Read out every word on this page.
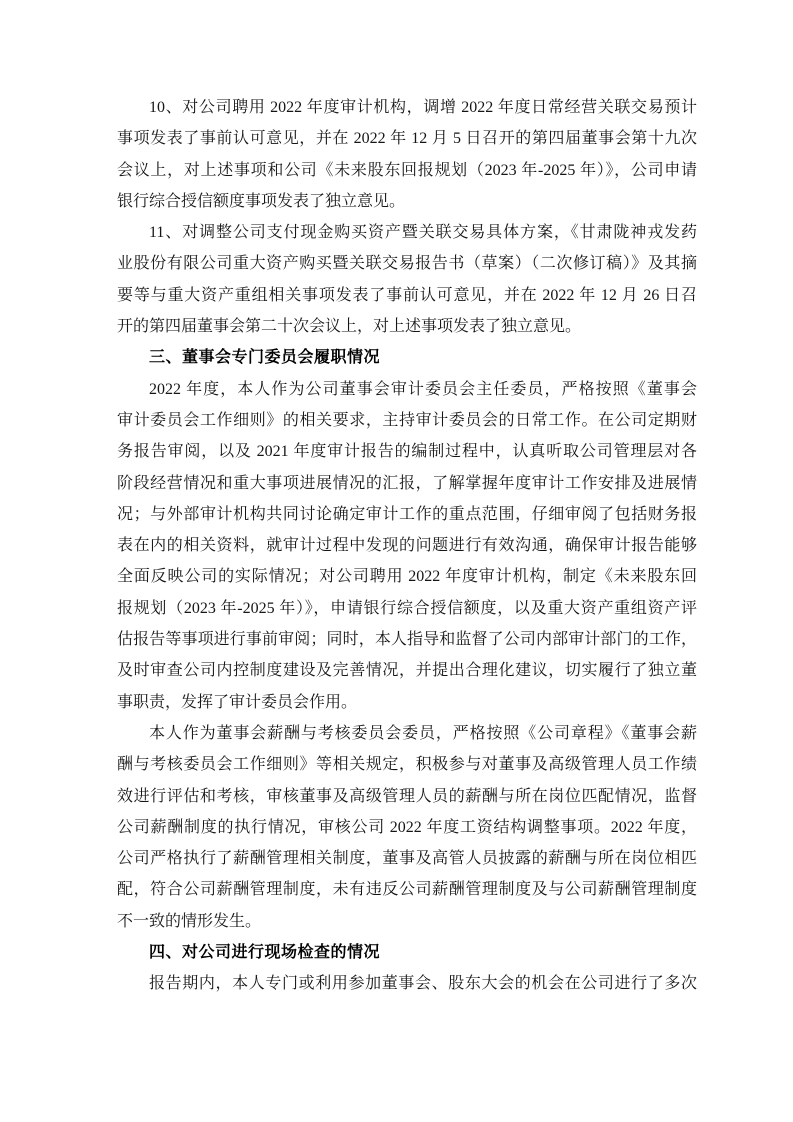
10、对公司聘用 2022 年度审计机构，调增 2022 年度日常经营关联交易预计
事项发表了事前认可意见，并在 2022 年 12 月 5 日召开的第四届董事会第十九次
会议上，对上述事项和公司《未来股东回报规划（2023 年-2025 年）》，公司申请
银行综合授信额度事项发表了独立意见。
11、对调整公司支付现金购买资产暨关联交易具体方案，《甘肃陇神戎发药
业股份有限公司重大资产购买暨关联交易报告书（草案）（二次修订稿）》及其摘
要等与重大资产重组相关事项发表了事前认可意见，并在 2022 年 12 月 26 日召
开的第四届董事会第二十次会议上，对上述事项发表了独立意见。
三、董事会专门委员会履职情况
2022 年度，本人作为公司董事会审计委员会主任委员，严格按照《董事会
审计委员会工作细则》的相关要求，主持审计委员会的日常工作。在公司定期财
务报告审阅，以及 2021 年度审计报告的编制过程中，认真听取公司管理层对各
阶段经营情况和重大事项进展情况的汇报，了解掌握年度审计工作安排及进展情
况；与外部审计机构共同讨论确定审计工作的重点范围，仔细审阅了包括财务报
表在内的相关资料，就审计过程中发现的问题进行有效沟通，确保审计报告能够
全面反映公司的实际情况；对公司聘用 2022 年度审计机构，制定《未来股东回
报规划（2023 年-2025 年）》，申请银行综合授信额度，以及重大资产重组资产评
估报告等事项进行事前审阅；同时，本人指导和监督了公司内部审计部门的工作，
及时审查公司内控制度建设及完善情况，并提出合理化建议，切实履行了独立董
事职责，发挥了审计委员会作用。
本人作为董事会薪酬与考核委员会委员，严格按照《公司章程》《董事会薪
酬与考核委员会工作细则》等相关规定，积极参与对董事及高级管理人员工作绩
效进行评估和考核，审核董事及高级管理人员的薪酬与所在岗位匹配情况，监督
公司薪酬制度的执行情况，审核公司 2022 年度工资结构调整事项。2022 年度，
公司严格执行了薪酬管理相关制度，董事及高管人员披露的薪酬与所在岗位相匹
配，符合公司薪酬管理制度，未有违反公司薪酬管理制度及与公司薪酬管理制度
不一致的情形发生。
四、对公司进行现场检查的情况
报告期内，本人专门或利用参加董事会、股东大会的机会在公司进行了多次
